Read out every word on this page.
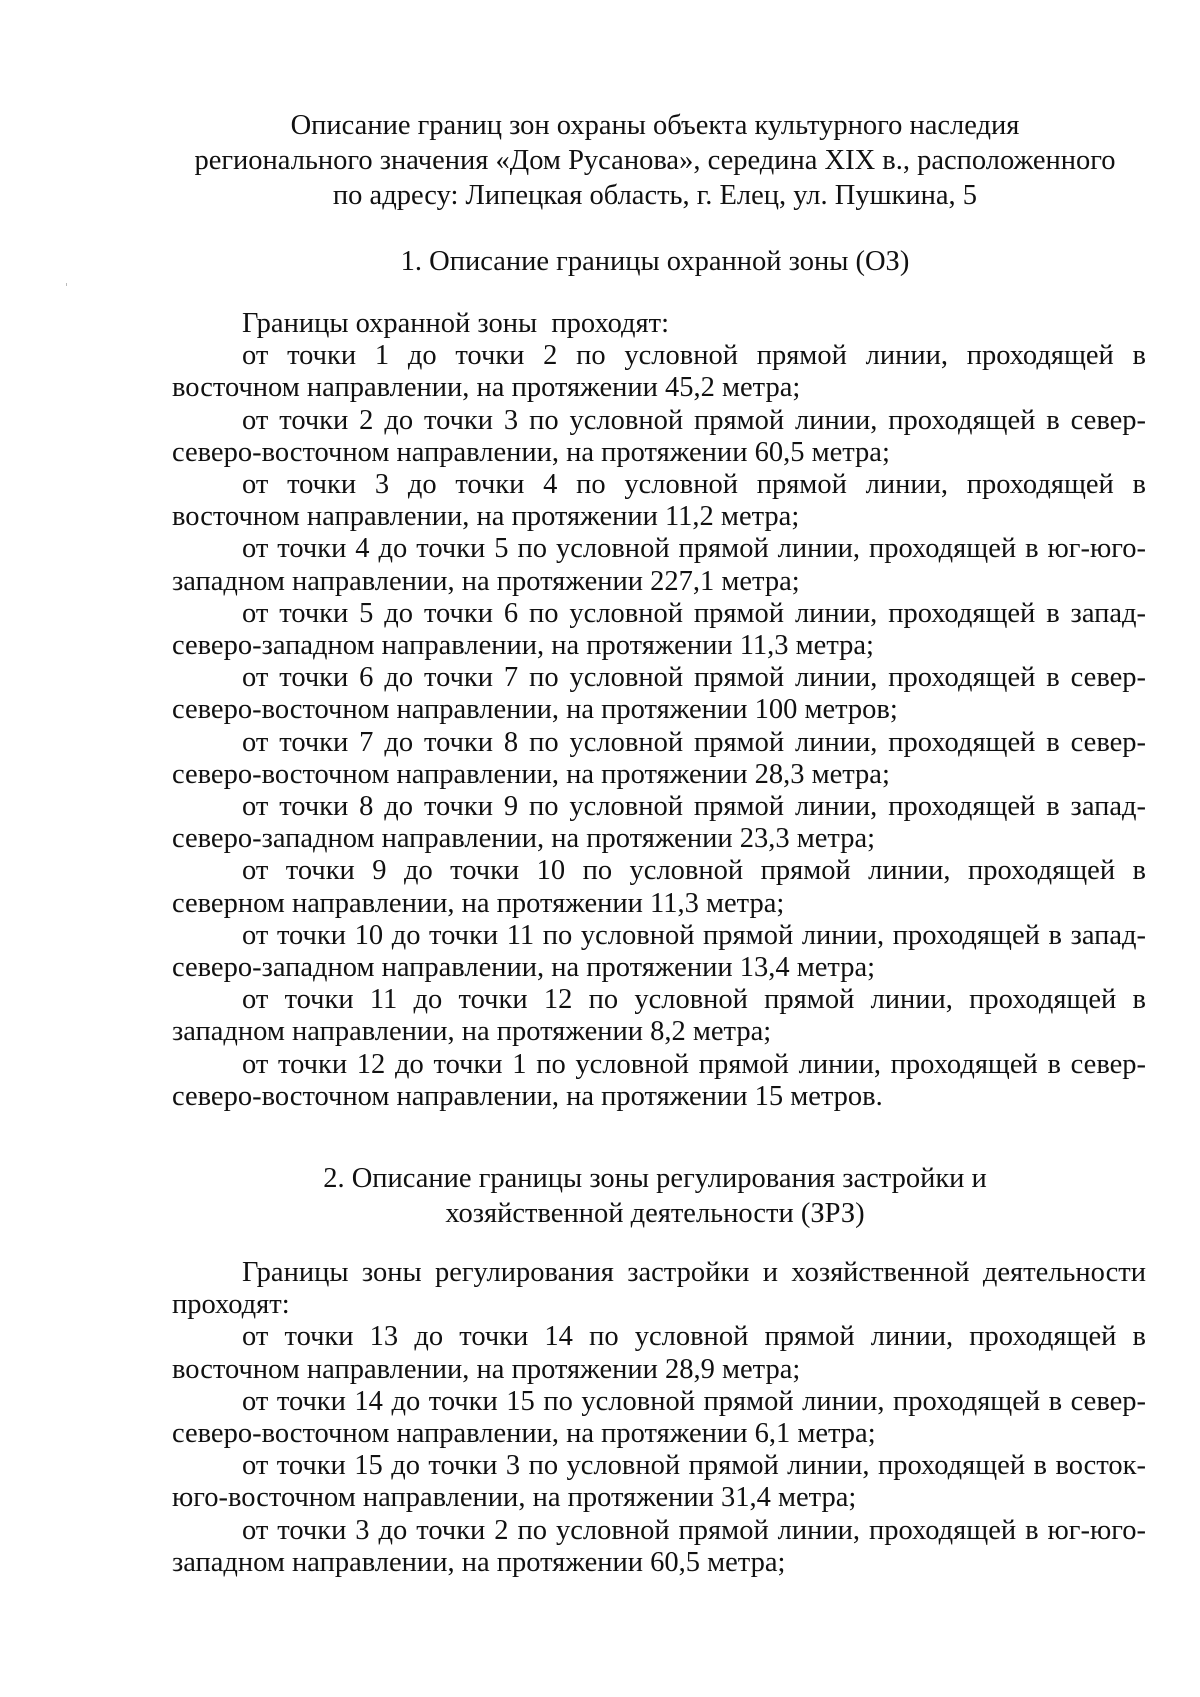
Описание границ зон охраны объекта культурного наследия
регионального значения «Дом Русанова», середина XIX в., расположенного
по адресу: Липецкая область, г. Елец, ул. Пушкина, 5
1. Описание границы охранной зоны (ОЗ)

Границы охранной зоны  проходят:

от точки 1 до точки 2 по условной прямой линии, проходящей в восточном направлении, на протяжении 45,2 метра;

от точки 2 до точки 3 по условной прямой линии, проходящей в север-северо-восточном направлении, на протяжении 60,5 метра;

от точки 3 до точки 4 по условной прямой линии, проходящей в восточном направлении, на протяжении 11,2 метра;

от точки 4 до точки 5 по условной прямой линии, проходящей в юг-юго-западном направлении, на протяжении 227,1 метра;

от точки 5 до точки 6 по условной прямой линии, проходящей в запад-северо-западном направлении, на протяжении 11,3 метра;

от точки 6 до точки 7 по условной прямой линии, проходящей в север-северо-восточном направлении, на протяжении 100 метров;

от точки 7 до точки 8 по условной прямой линии, проходящей в север-северо-восточном направлении, на протяжении 28,3 метра;

от точки 8 до точки 9 по условной прямой линии, проходящей в запад-северо-западном направлении, на протяжении 23,3 метра;

от точки 9 до точки 10 по условной прямой линии, проходящей в северном направлении, на протяжении 11,3 метра;

от точки 10 до точки 11 по условной прямой линии, проходящей в запад-северо-западном направлении, на протяжении 13,4 метра;

от точки 11 до точки 12 по условной прямой линии, проходящей в западном направлении, на протяжении 8,2 метра;

от точки 12 до точки 1 по условной прямой линии, проходящей в север-северо-восточном направлении, на протяжении 15 метров.

2. Описание границы зоны регулирования застройки и
хозяйственной деятельности (ЗРЗ)

Границы зоны регулирования застройки и хозяйственной деятельности проходят:

от точки 13 до точки 14 по условной прямой линии, проходящей в восточном направлении, на протяжении 28,9 метра;

от точки 14 до точки 15 по условной прямой линии, проходящей в север-северо-восточном направлении, на протяжении 6,1 метра;

от точки 15 до точки 3 по условной прямой линии, проходящей в восток-юго-восточном направлении, на протяжении 31,4 метра;

от точки 3 до точки 2 по условной прямой линии, проходящей в юг-юго-западном направлении, на протяжении 60,5 метра;
